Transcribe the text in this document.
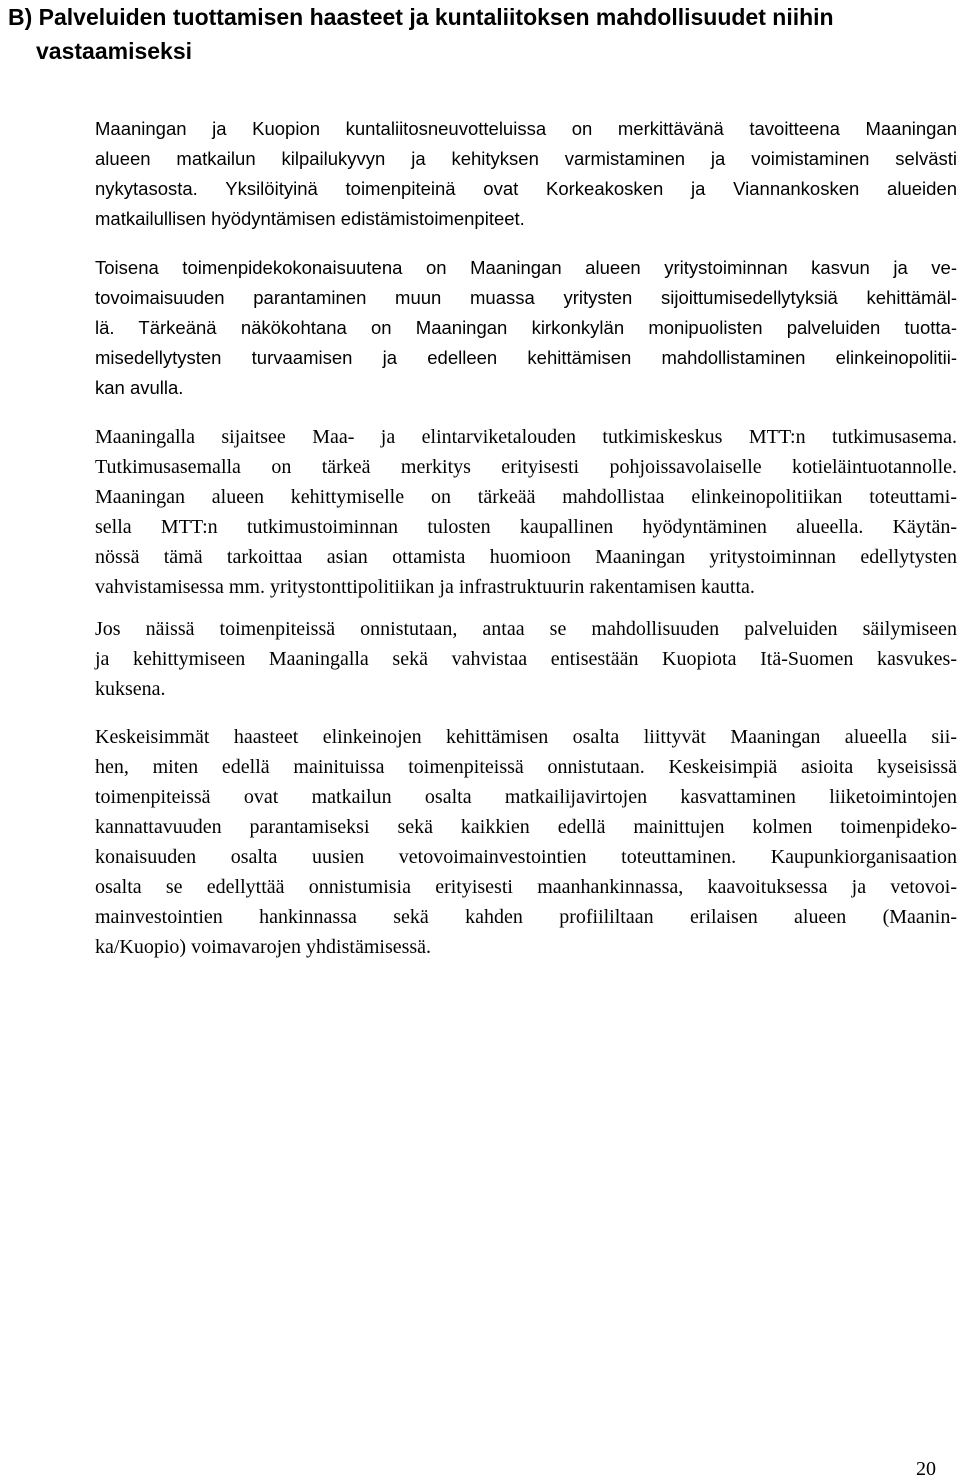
B) Palveluiden tuottamisen haasteet ja kuntaliitoksen mahdollisuudet niihin
vastaamiseksi
Maaningan ja Kuopion kuntaliitosneuvotteluissa on merkittävänä tavoitteena Maaningan
alueen matkailun kilpailukyvyn ja kehityksen varmistaminen ja voimistaminen selvästi
nykytasosta. Yksilöityinä toimenpiteinä ovat Korkeakosken ja Viannankosken alueiden
matkailullisen hyödyntämisen edistämistoimenpiteet.
Toisena toimenpidekokonaisuutena on Maaningan alueen yritystoiminnan kasvun ja ve-
tovoimaisuuden parantaminen muun muassa yritysten sijoittumisedellytyksiä kehittämäl-
lä. Tärkeänä näkökohtana on Maaningan kirkonkylän monipuolisten palveluiden tuotta-
misedellytysten turvaamisen ja edelleen kehittämisen mahdollistaminen elinkeinopolitii-
kan avulla.
Maaningalla sijaitsee Maa- ja elintarviketalouden tutkimiskeskus MTT:n tutkimusasema.
Tutkimusasemalla on tärkeä merkitys erityisesti pohjoissavolaiselle kotieläintuotannolle.
Maaningan alueen kehittymiselle on tärkeää mahdollistaa elinkeinopolitiikan toteuttami-
sella MTT:n tutkimustoiminnan tulosten kaupallinen hyödyntäminen alueella. Käytän-
nössä tämä tarkoittaa asian ottamista huomioon Maaningan yritystoiminnan edellytysten
vahvistamisessa mm. yritystonttipolitiikan ja infrastruktuurin rakentamisen kautta.
Jos näissä toimenpiteissä onnistutaan, antaa se mahdollisuuden palveluiden säilymiseen
ja kehittymiseen Maaningalla sekä vahvistaa entisestään Kuopiota Itä-Suomen kasvukes-
kuksena.
Keskeisimmät haasteet elinkeinojen kehittämisen osalta liittyvät Maaningan alueella sii-
hen, miten edellä mainituissa toimenpiteissä onnistutaan. Keskeisimpiä asioita kyseisissä
toimenpiteissä ovat matkailun osalta matkailijavirtojen kasvattaminen liiketoimintojen
kannattavuuden parantamiseksi sekä kaikkien edellä mainittujen kolmen toimenpideko-
konaisuuden osalta uusien vetovoimainvestointien toteuttaminen. Kaupunkiorganisaation
osalta se edellyttää onnistumisia erityisesti maanhankinnassa, kaavoituksessa ja vetovoi-
mainvestointien hankinnassa sekä kahden profiililtaan erilaisen alueen (Maanin-
ka/Kuopio) voimavarojen yhdistämisessä.
20
